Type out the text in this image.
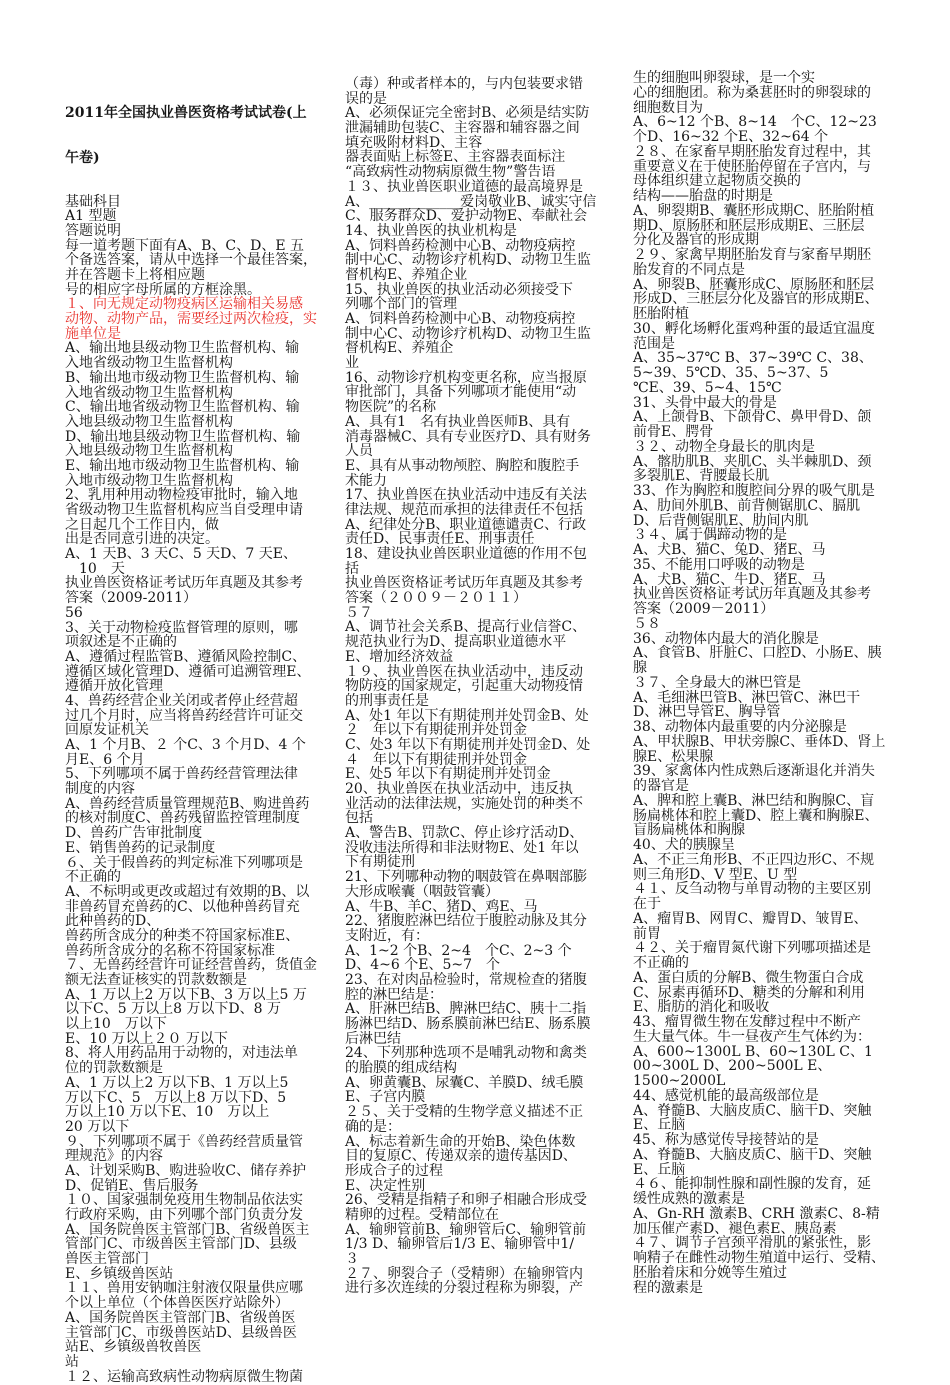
2011年全国执业兽医资格考试试卷(上

午卷)

基础科目
A1 型题
答题说明
每一道考题下面有A、B、C、D、E 五
个备选答案，请从中选择一个最佳答案，
并在答题卡上将相应题
号的相应字母所属的方框涂黑。
１、向无规定动物疫病区运输相关易感
动物、动物产品，需要经过两次检疫，实
施单位是
A、输出地县级动物卫生监督机构、输
入地省级动物卫生监督机构
B、输出地市级动物卫生监督机构、输
入地省级动物卫生监督机构
C、输出地省级动物卫生监督机构、输
入地县级动物卫生监督机构
D、输出地县级动物卫生监督机构、输
入地县级动物卫生监督机构
E、输出地市级动物卫生监督机构、输
入地市级动物卫生监督机构
2、乳用种用动物检疫审批时，输入地
省级动物卫生监督机构应当自受理申请
之日起几个工作日内，做
出是否同意引进的决定。
A、1 天B、3 天C、5 天D、7 天E、
　10　天
执业兽医资格证考试历年真题及其参考
答案（2009-2011）
56
3、关于动物检疫监督管理的原则，哪
项叙述是不正确的
A、遵循过程监管B、遵循风险控制C、
遵循区域化管理D、遵循可追溯管理E、
遵循开放化管理
4、兽药经营企业关闭或者停止经营超
过几个月时，应当将兽药经营许可证交
回原发证机关
A、1 个月B、２ 个C、3 个月D、4 个
月E、6 个月
5、下列哪项不属于兽药经营管理法律
制度的内容
A、兽药经营质量管理规范B、购进兽药
的核对制度C、兽药残留监控管理制度
D、兽药广告审批制度
E、销售兽药的记录制度
６、关于假兽药的判定标准下列哪项是
不正确的
A、不标明或更改或超过有效期的B、以
非兽药冒充兽药的C、以他种兽药冒充
此种兽药的D、
兽药所含成分的种类不符国家标准E、
兽药所含成分的名称不符国家标准
７、无兽药经营许可证经营兽药，货值金
额无法查证核实的罚款数额是
A、1 万以上2 万以下B、3 万以上5 万
以下C、5 万以上8 万以下D、8 万
以上10　万以下
E、10 万以上２０ 万以下
8、将人用药品用于动物的，对违法单
位的罚款数额是
A、1 万以上2 万以下B、1 万以上5
万以下C、5　万以上8 万以下D、5
万以上10 万以下E、10　万以上
20 万以下
９、下列哪项不属于《兽药经营质量管
理规范》的内容
A、计划采购B、购进验收C、储存养护
D、促销E、售后服务
１０、国家强制免疫用生物制品依法实
行政府采购，由下列哪个部门负责分发
A、国务院兽医主管部门B、省级兽医主
管部门C、市级兽医主管部门D、县级
兽医主管部门
E、乡镇级兽医站
１１、兽用安钠咖注射液仅限量供应哪
个以上单位（个体兽医医疗站除外）
A、国务院兽医主管部门B、省级兽医
主管部门C、市级兽医站D、县级兽医
站E、乡镇级兽牧兽医
站
１２、运输高致病性动物病原微生物菌
（毒）种或者样本的，与内包装要求错
误的是
A、必须保证完全密封B、必须是结实防
泄漏辅助包装C、主容器和辅容器之间
填充吸附材料D、主容
器表面贴上标签E、主容器表面标注
“高致病性动物病原微生物”警告语
１３、执业兽医职业道德的最高境界是
A、_____________爱岗敬业B、诚实守信
C、服务群众D、爱护动物E、奉献社会
14、执业兽医的执业机构是
A、饲料兽药检测中心B、动物疫病控
制中心C、动物诊疗机构D、动物卫生监
督机构E、养殖企业
15、执业兽医的执业活动必须接受下
列哪个部门的管理
A、饲料兽药检测中心B、动物疫病控
制中心C、动物诊疗机构D、动物卫生监
督机构E、养殖企
业
16、动物诊疗机构变更名称，应当报原
审批部门，具备下列哪项才能使用“动
物医院”的名称
A、具有1　名有执业兽医师B、具有
消毒器械C、具有专业医疗D、具有财务
人员
E、具有从事动物颅腔、胸腔和腹腔手
术能力
17、执业兽医在执业活动中违反有关法
律法规、规范而承担的法律责任不包括
A、纪律处分B、职业道德谴责C、行政
责任D、民事责任E、刑事责任
18、建设执业兽医职业道德的作用不包
括
执业兽医资格证考试历年真题及其参考
答案（２００９－２０１１）
５７
A、调节社会关系B、提高行业信誉C、
规范执业行为D、提高职业道德水平
E、增加经济效益
１９、执业兽医在执业活动中，违反动
物防疫的国家规定，引起重大动物疫情
的刑事责任是
A、处1 年以下有期徒刑并处罚金B、处
２　年以下有期徒刑并处罚金
C、处3 年以下有期徒刑并处罚金D、处
４　年以下有期徒刑并处罚金
E、处5 年以下有期徒刑并处罚金
20、执业兽医在执业活动中，违反执
业活动的法律法规，实施处罚的种类不
包括
A、警告B、罚款C、停止诊疗活动D、
没收违法所得和非法财物E、处1 年以
下有期徒刑
21、下列哪种动物的咽鼓管在鼻咽部膨
大形成喉囊（咽鼓管囊）
A、牛B、羊C、猪D、鸡E、马
22、猪腹腔淋巴结位于腹腔动脉及其分
支附近，有：
A、1~2 个B、2~4　个C、2~3 个
D、4~6 个E、5~7　个
23、在对肉品检验时，常规检查的猪腹
腔的淋巴结是：
A、肝淋巴结B、脾淋巴结C、胰十二指
肠淋巴结D、肠系膜前淋巴结E、肠系膜
后淋巴结
24、下列那种选项不是哺乳动物和禽类
的胎膜的组成结构
A、卵黄囊B、尿囊C、羊膜D、绒毛膜
E、子宫内膜
２５、关于受精的生物学意义描述不正
确的是：
A、标志着新生命的开始B、染色体数
目的复原C、传递双亲的遗传基因D、
形成合子的过程
E、决定性别
26、受精是指精子和卵子相融合形成受
精卵的过程。受精部位在
A、输卵管前B、输卵管后C、输卵管前
1/3 D、输卵管后1/3 E、输卵管中1/
３
２７、卵裂合子（受精卵）在输卵管内
进行多次连续的分裂过程称为卵裂，产
生的细胞叫卵裂球，是一个实
心的细胞团。称为桑葚胚时的卵裂球的
细胞数目为
A、6~12 个B、8~14　个C、12~23
个D、16~32 个E、32~64 个
２８、在家畜早期胚胎发育过程中，其
重要意义在于使胚胎停留在子宫内，与
母体组织建立起物质交换的
结构——胎盘的时期是
A、卵裂期B、囊胚形成期C、胚胎附植
期D、原肠胚和胚层形成期E、三胚层
分化及器官的形成期
２９、家禽早期胚胎发育与家畜早期胚
胎发育的不同点是
A、卵裂B、胚囊形成C、原肠胚和胚层
形成D、三胚层分化及器官的形成期E、
胚胎附植
30、孵化场孵化蛋鸡种蛋的最适宜温度
范围是
A、35~37℃ B、37~39℃ C、38、
5~39、5℃D、35、5~37、5
℃E、39、5~4、15℃
31、头骨中最大的骨是
A、上颌骨B、下颌骨C、鼻甲骨D、颌
前骨E、腭骨
３２、动物全身最长的肌肉是
A、髂肋肌B、夹肌C、头半棘肌D、颈
多裂肌E、背腰最长肌
33、作为胸腔和腹腔间分界的吸气肌是
A、肋间外肌B、前背侧锯肌C、膈肌
D、后背侧锯肌E、肋间内肌
３４、属于偶蹄动物的是
A、犬B、猫C、兔D、猪E、马
35、不能用口呼吸的动物是
A、犬B、猫C、牛D、猪E、马
执业兽医资格证考试历年真题及其参考
答案（2009－2011）
５８
36、动物体内最大的消化腺是
A、食管B、肝脏C、口腔D、小肠E、胰
腺
３７、全身最大的淋巴管是
A、毛细淋巴管B、淋巴管C、淋巴干
D、淋巴导管E、胸导管
38、动物体内最重要的内分泌腺是
A、甲状腺B、甲状旁腺C、垂体D、肾上
腺E、松果腺
39、家禽体内性成熟后逐渐退化并消失
的器官是
A、脾和腔上囊B、淋巴结和胸腺C、盲
肠扁桃体和腔上囊D、腔上囊和胸腺E、
盲肠扁桃体和胸腺
40、犬的胰腺呈
A、不正三角形B、不正四边形C、不规
则三角形D、V 型E、U 型
４１、反刍动物与单胃动物的主要区别
在于
A、瘤胃B、网胃C、瓣胃D、皱胃E、
前胃
４２、关于瘤胃氮代谢下列哪项描述是
不正确的
A、蛋白质的分解B、微生物蛋白合成
C、尿素再循环D、糖类的分解和利用
E、脂肪的消化和吸收
43、瘤胃微生物在发酵过程中不断产
生大量气体。牛一昼夜产生气体约为：
A、600~1300L B、60~130L C、1
00~300L D、200~500L E、
1500~2000L
44、感觉机能的最高级部位是
A、脊髓B、大脑皮质C、脑干D、突触
E、丘脑
45、称为感觉传导接替站的是
A、脊髓B、大脑皮质C、脑干D、突触
E、丘脑
４６、能抑制性腺和副性腺的发育，延
缓性成熟的激素是
A、Gn-RH 激素B、CRH 激素C、8-精
加压催产素D、褪色素E、胰岛素
４７、调节子宫颈平滑肌的紧张性，影
响精子在雌性动物生殖道中运行、受精、
胚胎着床和分娩等生殖过
程的激素是
